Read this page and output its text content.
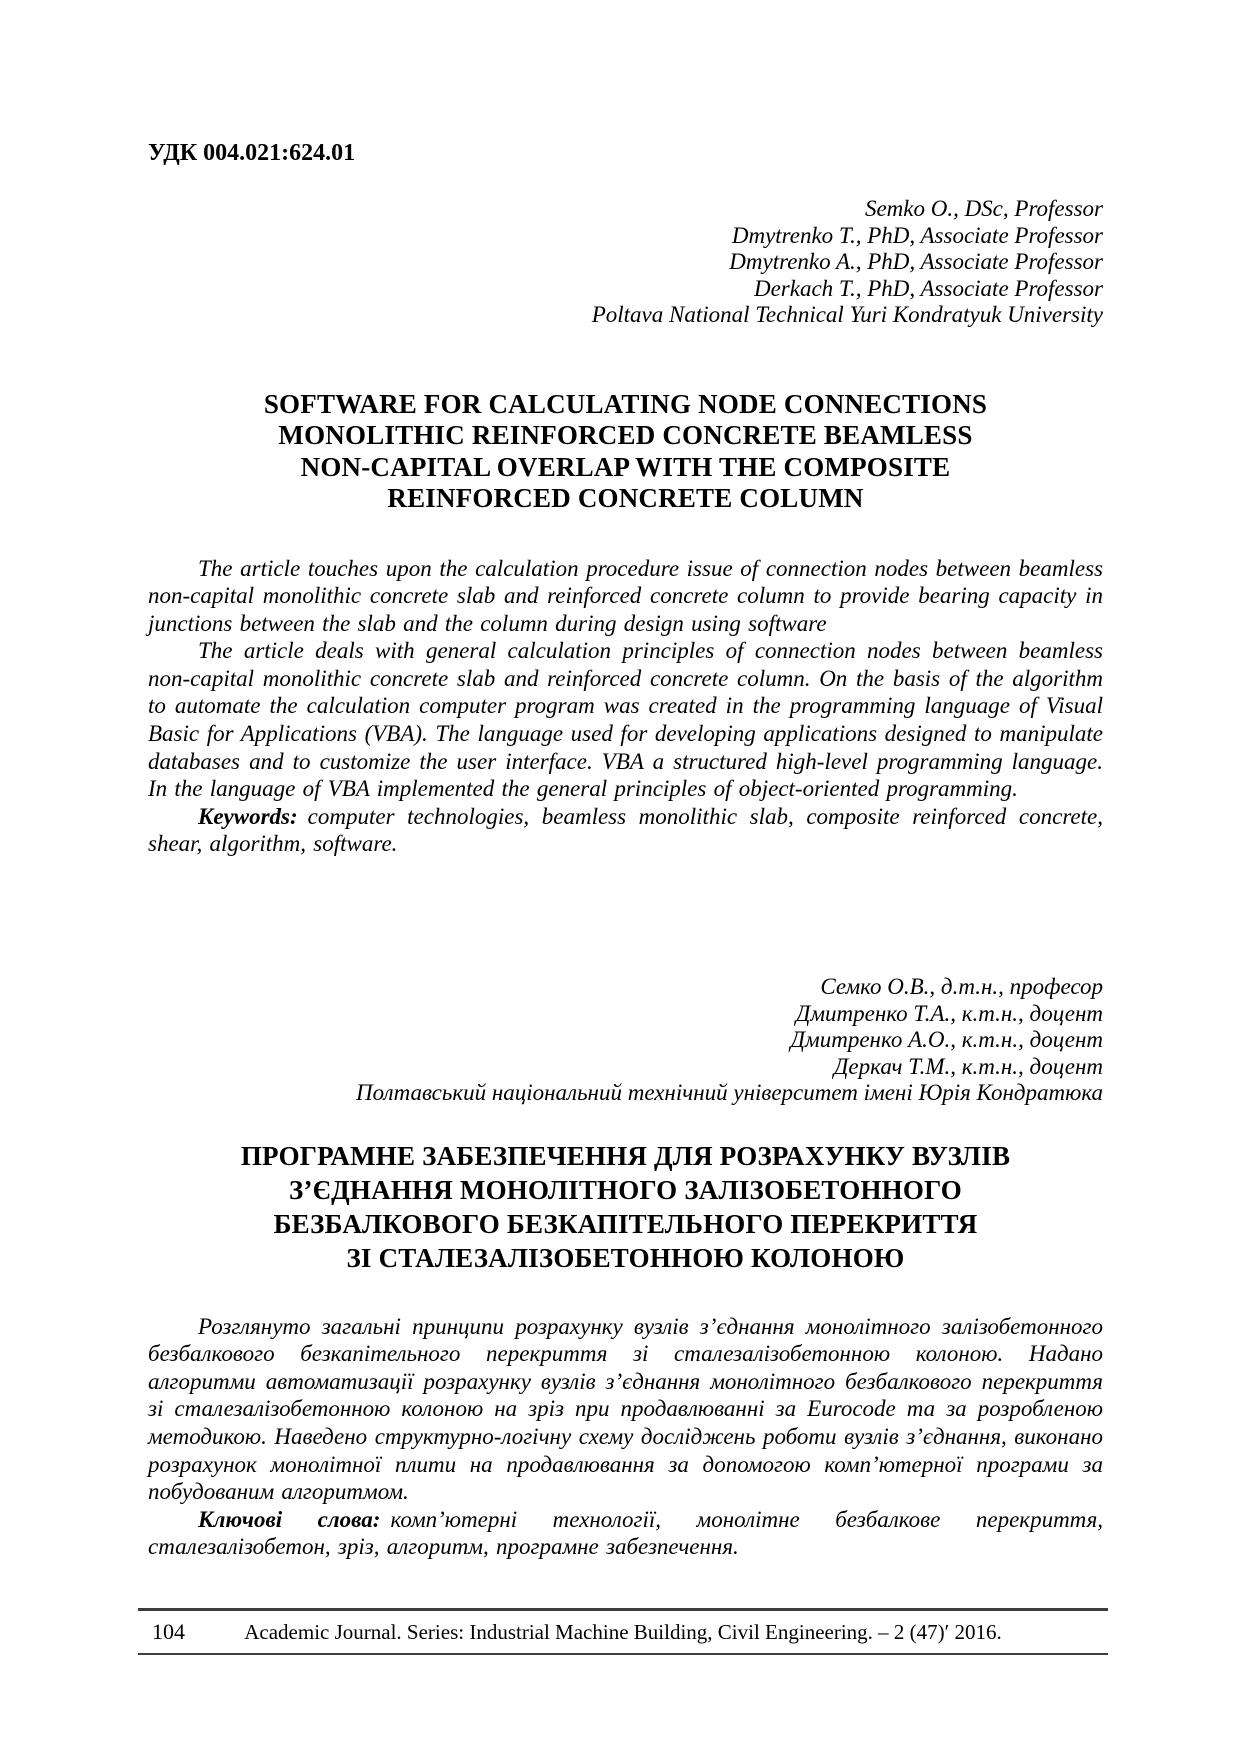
УДК 004.021:624.01
Semko O., DSc, Professor
Dmytrenko T., PhD, Associate Professor
Dmytrenko A., PhD, Associate Professor
Derkach T., PhD, Associate Professor
Poltava National Technical Yuri Kondratyuk University
SOFTWARE FOR CALCULATING NODE CONNECTIONS
MONOLITHIC REINFORCED CONCRETE BEAMLESS
NON-CAPITAL OVERLAP WITH THE COMPOSITE
REINFORCED CONCRETE COLUMN

The article touches upon the calculation procedure issue of connection nodes between beamless non-capital monolithic concrete slab and reinforced concrete column to provide bearing capacity in junctions between the slab and the column during design using software

The article deals with general calculation principles of connection nodes between beamless non-capital monolithic concrete slab and reinforced concrete column. On the basis of the algorithm to automate the calculation computer program was created in the programming language of Visual Basic for Applications (VBA). The language used for developing applications designed to manipulate databases and to customize the user interface. VBA a structured high-level programming language. In the language of VBA implemented the general principles of object-oriented programming.

Keywords: computer technologies, beamless monolithic slab, composite reinforced concrete, shear, algorithm, software.

Семко О.В., д.т.н., професор
Дмитренко Т.А., к.т.н., доцент
Дмитренко А.О., к.т.н., доцент
Деркач Т.М., к.т.н., доцент
Полтавський національний технічний університет імені Юрія Кондратюка
ПРОГРАМНЕ ЗАБЕЗПЕЧЕННЯ ДЛЯ РОЗРАХУНКУ ВУЗЛІВ
З’ЄДНАННЯ МОНОЛІТНОГО ЗАЛІЗОБЕТОННОГО
БЕЗБАЛКОВОГО БЕЗКАПІТЕЛЬНОГО ПЕРЕКРИТТЯ
ЗІ СТАЛЕЗАЛІЗОБЕТОННОЮ КОЛОНОЮ

Розглянуто загальні принципи розрахунку вузлів з’єднання монолітного залізобетонного безбалкового безкапітельного перекриття зі сталезалізобетонною колоною. Надано алгоритми автоматизації розрахунку вузлів з’єднання монолітного безбалкового перекриття зі сталезалізобетонною колоною на зріз при продавлюванні за Eurocode та за розробленою методикою. Наведено структурно-логічну схему досліджень роботи вузлів з’єднання, виконано розрахунок монолітної плити на продавлювання за допомогою комп’ютерної програми за побудованим алгоритмом.

Ключові слова: комп’ютерні технології, монолітне безбалкове перекриття, сталезалізобетон, зріз, алгоритм, програмне забезпечення.

104	Academic Journal. Series: Industrial Machine Building, Civil Engineering. – 2 (47)′ 2016.
